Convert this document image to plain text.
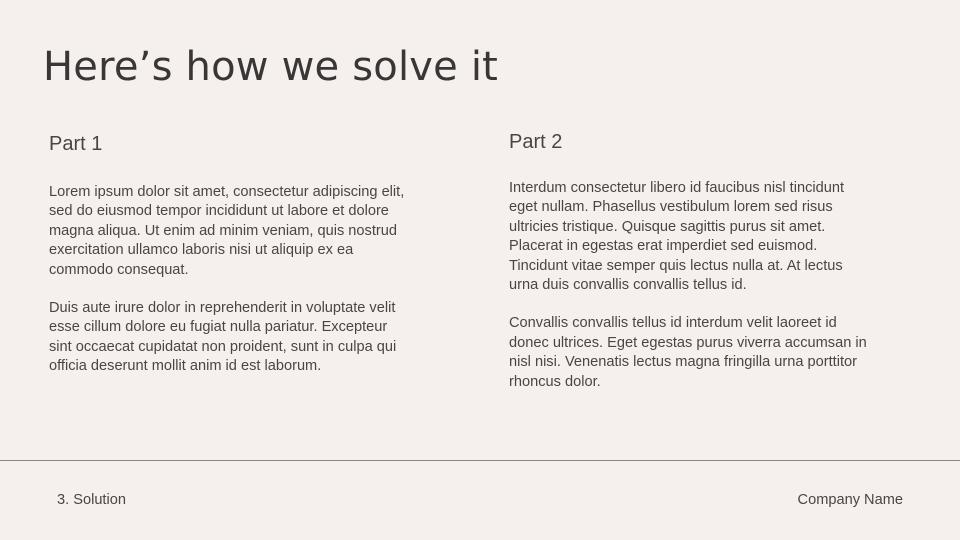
Here’s how we solve it
Part 1

Lorem ipsum dolor sit amet, consectetur adipiscing elit, sed do eiusmod tempor incididunt ut labore et dolore magna aliqua. Ut enim ad minim veniam, quis nostrud exercitation ullamco laboris nisi ut aliquip ex ea commodo consequat.

Duis aute irure dolor in reprehenderit in voluptate velit esse cillum dolore eu fugiat nulla pariatur. Excepteur sint occaecat cupidatat non proident, sunt in culpa qui officia deserunt mollit anim id est laborum.

Part 2

Interdum consectetur libero id faucibus nisl tincidunt eget nullam. Phasellus vestibulum lorem sed risus ultricies tristique. Quisque sagittis purus sit amet. Placerat in egestas erat imperdiet sed euismod. Tincidunt vitae semper quis lectus nulla at. At lectus urna duis convallis convallis tellus id.

Convallis convallis tellus id interdum velit laoreet id donec ultrices. Eget egestas purus viverra accumsan in nisl nisi. Venenatis lectus magna fringilla urna porttitor rhoncus dolor.

3. Solution	Company Name
